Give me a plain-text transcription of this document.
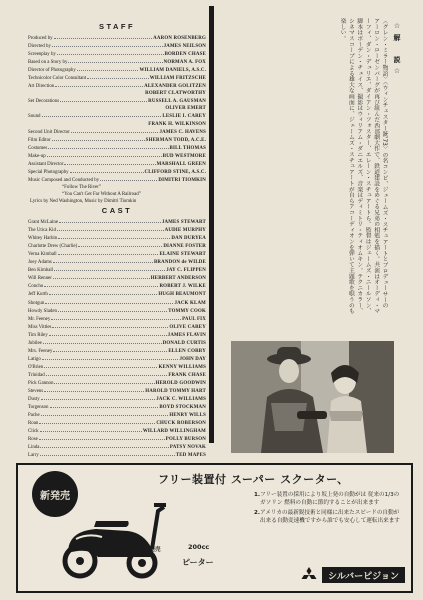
STAFF
Produced by	AARON ROSENBERG
Directed by	JAMES NEILSON
Screenplay by	BORDEN CHASE
Based on a Story by	NORMAN A. FOX
Director of Photography	WILLIAM DANIELS, A.S.C.
Technicolor Color Consultant	WILLIAM FRITZSCHE
Art Direction	ALEXANDER GOLITZEN
ROBERT CLATWORTHY
Set Decorations	RUSSELL A. GAUSMAN
OLIVER EMERT
Sound	LESLIE I. CAREY
FRANK H. WILKINSON
Second Unit Director	JAMES C. HAVENS
Film Editor	SHERMAN TODD, A.C.E.
Costumes	BILL THOMAS
Make-up	BUD WESTMORE
Assistant Director	MARSHALL GREEN
Special Photography	CLIFFORD STINE, A.S.C.
Music Composed and Conducted by	DIMITRI TIOMKIN
“Follow The River”
“You Can't Get Far Without A Railroad”
Lyrics by Ned Washington, Music by Dimitri Tiomkin
CAST
Grant McLaine	JAMES STEWART
The Utica Kid	AUDIE MURPHY
Whitey Harbin	DAN DURYEA
Charlotte Drew (Charlie)	DIANNE FOSTER
Verna Kimball	ELAINE STEWART
Joey Adams	BRANDON de WILDE
Ben Kimball	JAY C. FLIPPEN
Will Renner	HERBERT ANDERSON
Concho	ROBERT J. WILKE
Jeff Kurth	HUGH BEAUMONT
Shotgun	JACK KLAM
Howdy Sladen	TOMMY COOK
Mr. Feeney	PAUL FIX
Miss Vittles	OLIVE CAREY
Tim Riley	JAMES FLAVIN
Jubilee	DONALD CURTIS
Mrs. Feeney	ELLEN CORBY
Latigo	JOHN DAY
O'Brien	KENNY WILLIAMS
Trinidad	FRANK CHASE
Pick Gannon	HEROLD GOODWIN
Stevens	HAROLD TOMMY HART
Dusty	JACK C. WILLIAMS
Torgenson	BOYD STOCKMAN
Pache	HENRY WILLS
Roan	CHUCK ROBERSON
Click	WILLARD WILLINGHAM
Rose	POLLY BURSON
Linda	PATSY NOVAK
Larry	TED MAPES
☆解　説☆
〈グレン・ミラー物語〉〈ウィンチェスター銃'73〉の名コンビ、ジェームズ・スチュアートとプロデューサーのアーロン・ローゼンバーグが再び組んだ西部劇大作で、鉄道建設をめぐる兄弟の相剋を描く。共演はオーディ・マーフィ、ダン・デュリエ、ダイアン・フォスター、エレーン・スチュアートら。監督はジェームズ・ニールソン、脚本はボーデン・チェイス、撮影はウィリアム・ダニエルズ、音楽はディミトリ・ティオムキン。テクニカラー、シネマスコープによる雄大な画面に、ジェームズ・スチュアートが自らアコーディオンを弾いて主題歌を唄うのも楽しい。
新発売
フリー装置付 スーパー スクーター、
新発売	200cc
ピーター
1. フリー装置の採用により坂上発の自動がは 従来の1/3のガソリン 燃料の自動に節約することが出来ます
2. アメリカの最新鋭技術と同様に出来たスピードの自動が出来る自動変速機ですから誰でも安心して運転出来ます
シルバーピジョン
